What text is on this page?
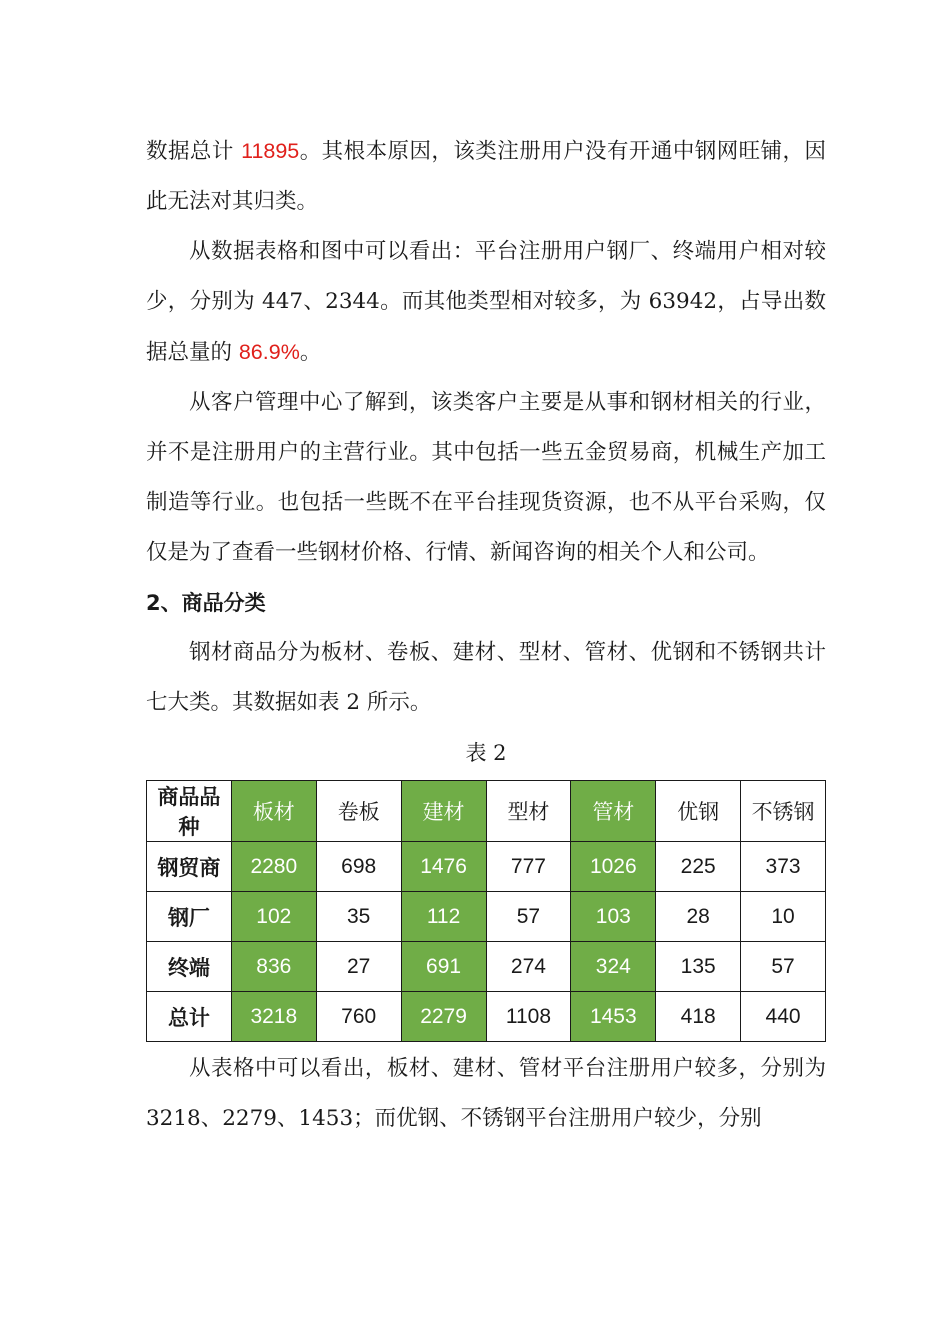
数据总计 11895。其根本原因，该类注册用户没有开通中钢网旺铺，因此无法对其归类。

从数据表格和图中可以看出：平台注册用户钢厂、终端用户相对较少，分别为 447、2344。而其他类型相对较多，为 63942，占导出数据总量的 86.9%。

从客户管理中心了解到，该类客户主要是从事和钢材相关的行业，并不是注册用户的主营行业。其中包括一些五金贸易商，机械生产加工制造等行业。也包括一些既不在平台挂现货资源，也不从平台采购，仅仅是为了查看一些钢材价格、行情、新闻咨询的相关个人和公司。

2、商品分类

钢材商品分为板材、卷板、建材、型材、管材、优钢和不锈钢共计七大类。其数据如表 2 所示。

表 2

商品品种	板材	卷板	建材	型材	管材	优钢	不锈钢
钢贸商	2280	698	1476	777	1026	225	373
钢厂	102	35	112	57	103	28	10
终端	836	27	691	274	324	135	57
总计	3218	760	2279	1108	1453	418	440

从表格中可以看出，板材、建材、管材平台注册用户较多，分别为 3218、2279、1453；而优钢、不锈钢平台注册用户较少，分别
